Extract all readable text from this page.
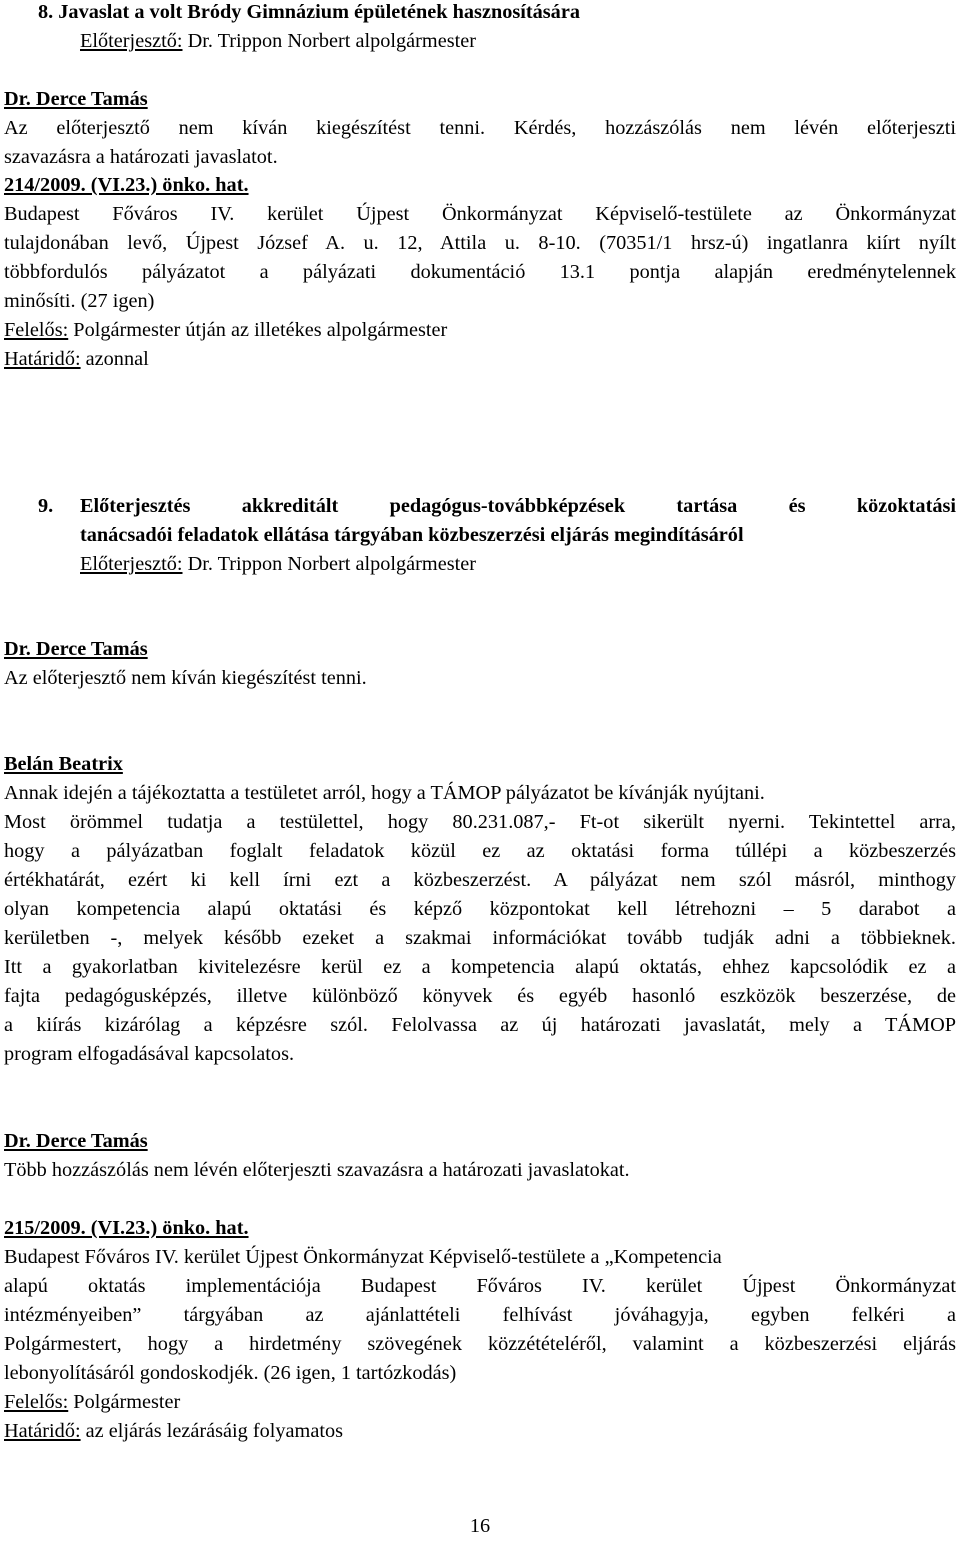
8. Javaslat a volt Bródy Gimnázium épületének hasznosítására
Előterjesztő: Dr. Trippon Norbert alpolgármester
Dr. Derce Tamás
Az előterjesztő nem kíván kiegészítést tenni. Kérdés, hozzászólás nem lévén előterjeszti
szavazásra a határozati javaslatot.
214/2009. (VI.23.) önko. hat.
Budapest Főváros IV. kerület Újpest Önkormányzat Képviselő-testülete az Önkormányzat
tulajdonában levő, Újpest József A. u. 12, Attila u. 8-10. (70351/1 hrsz-ú) ingatlanra kiírt nyílt
többfordulós pályázatot a pályázati dokumentáció 13.1 pontja alapján eredménytelennek
minősíti. (27 igen)
Felelős: Polgármester útján az illetékes alpolgármester
Határidő: azonnal
9. Előterjesztés akkreditált pedagógus-továbbképzések tartása és közoktatási
tanácsadói feladatok ellátása tárgyában közbeszerzési eljárás megindításáról
Előterjesztő: Dr. Trippon Norbert alpolgármester
Dr. Derce Tamás
Az előterjesztő nem kíván kiegészítést tenni.
Belán Beatrix
Annak idején a tájékoztatta a testületet arról, hogy a TÁMOP pályázatot be kívánják nyújtani.
Most örömmel tudatja a testülettel, hogy 80.231.087,- Ft-ot sikerült nyerni. Tekintettel arra,
hogy a pályázatban foglalt feladatok közül ez az oktatási forma túllépi a közbeszerzés
értékhatárát, ezért ki kell írni ezt a közbeszerzést. A pályázat nem szól másról, minthogy
olyan kompetencia alapú oktatási és képző központokat kell létrehozni – 5 darabot a
kerületben -, melyek később ezeket a szakmai információkat tovább tudják adni a többieknek.
Itt a gyakorlatban kivitelezésre kerül ez a kompetencia alapú oktatás, ehhez kapcsolódik ez a
fajta pedagógusképzés, illetve különböző könyvek és egyéb hasonló eszközök beszerzése, de
a kiírás kizárólag a képzésre szól. Felolvassa az új határozati javaslatát, mely a TÁMOP
program elfogadásával kapcsolatos.
Dr. Derce Tamás
Több hozzászólás nem lévén előterjeszti szavazásra a határozati javaslatokat.
215/2009. (VI.23.) önko. hat.
Budapest Főváros IV. kerület Újpest Önkormányzat Képviselő-testülete a „Kompetencia
alapú oktatás implementációja Budapest Főváros IV. kerület Újpest Önkormányzat
intézményeiben” tárgyában az ajánlattételi felhívást jóváhagyja, egyben felkéri a
Polgármestert, hogy a hirdetmény szövegének közzétételéről, valamint a közbeszerzési eljárás
lebonyolításáról gondoskodjék. (26 igen, 1 tartózkodás)
Felelős: Polgármester
Határidő: az eljárás lezárásáig folyamatos
16
